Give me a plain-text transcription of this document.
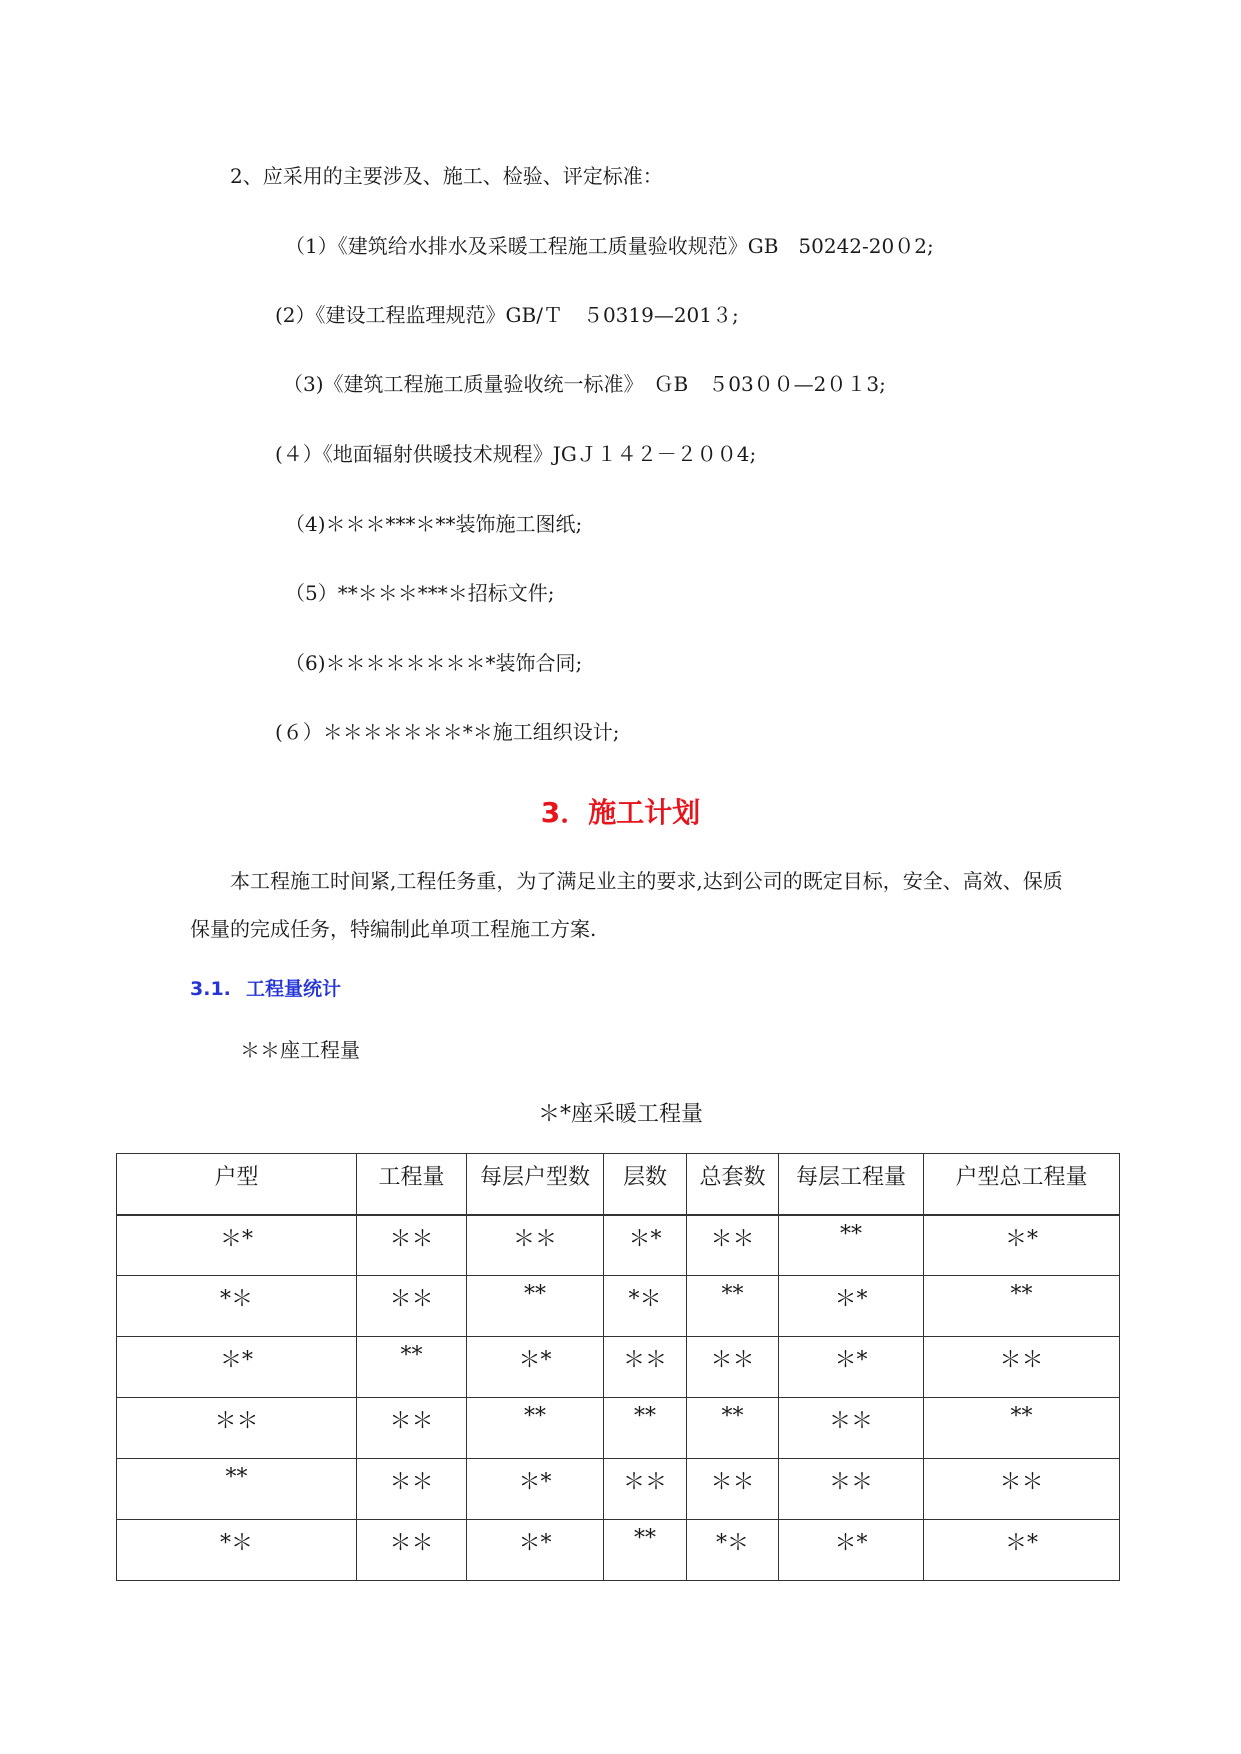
2、应采用的主要涉及、施工、检验、评定标准：
（1）《建筑给水排水及采暖工程施工质量验收规范》GB　50242-20０2;
(2）《建设工程监理规范》GB/Ｔ　５0319—201３;
（3)《建筑工程施工质量验收统一标准》　ＧB　５03００—2０１3;
(４）《地面辐射供暖技术规程》JGＪ１４２－２００4;
（4)＊＊＊***＊**装饰施工图纸;
（5）**＊＊＊***＊招标文件;
（6)＊＊＊＊＊＊＊＊*装饰合同;
(６）＊＊＊＊＊＊＊*＊施工组织设计;
3．施工计划
本工程施工时间紧,工程任务重，为了满足业主的要求,达到公司的既定目标，安全、高效、保质保量的完成任务，特编制此单项工程施工方案.
3.1. 工程量统计
＊＊座工程量
＊*座采暖工程量
户型	工程量	每层户型数	层数	总套数	每层工程量	户型总工程量
＊*	＊＊	＊＊	＊*	＊＊	**	＊*
*＊	＊＊	**	*＊	**	＊*	**
＊*	**	＊*	＊＊	＊＊	＊*	＊＊
＊＊	＊＊	**	**	**	＊＊	**
**	＊＊	＊*	＊＊	＊＊	＊＊	＊＊
*＊	＊＊	＊*	**	*＊	＊*	＊*
